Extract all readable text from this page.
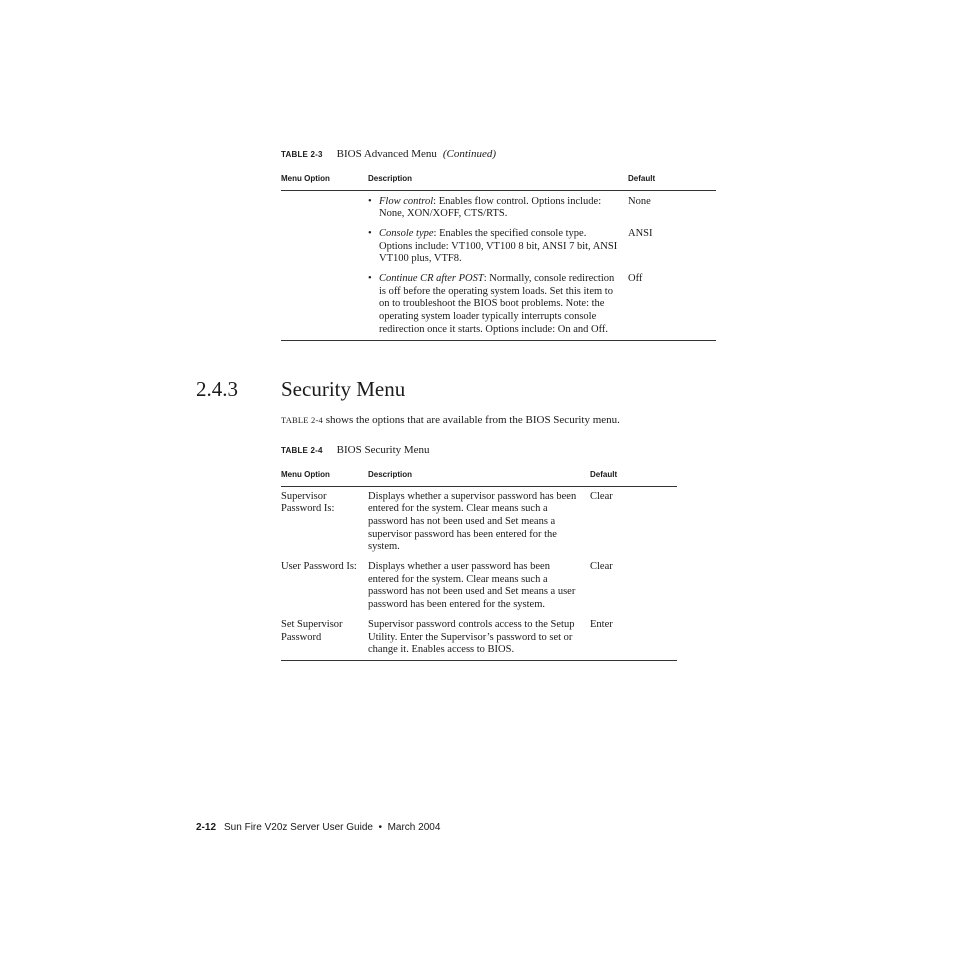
TABLE 2-3 BIOS Advanced Menu (Continued)
Menu Option	Description	Default

	• Flow control: Enables flow control. Options include: None, XON/XOFF, CTS/RTS.	None

	• Console type: Enables the specified console type. Options include: VT100, VT100 8 bit, ANSI 7 bit, ANSI VT100 plus, VTF8.	ANSI

	• Continue CR after POST: Normally, console redirection is off before the operating system loads. Set this item to on to troubleshoot the BIOS boot problems. Note: the operating system loader typically interrupts console redirection once it starts. Options include: On and Off.	Off
2.4.3 Security Menu
TABLE 2-4 shows the options that are available from the BIOS Security menu.
TABLE 2-4 BIOS Security Menu
Menu Option	Description	Default
Supervisor Password Is:	Displays whether a supervisor password has been entered for the system. Clear means such a password has not been used and Set means a supervisor password has been entered for the system.	Clear
User Password Is:	Displays whether a user password has been entered for the system. Clear means such a password has not been used and Set means a user password has been entered for the system.	Clear
Set Supervisor Password	Supervisor password controls access to the Setup Utility. Enter the Supervisor’s password to set or change it. Enables access to BIOS.	Enter
2-12 Sun Fire V20z Server User Guide  •  March 2004
